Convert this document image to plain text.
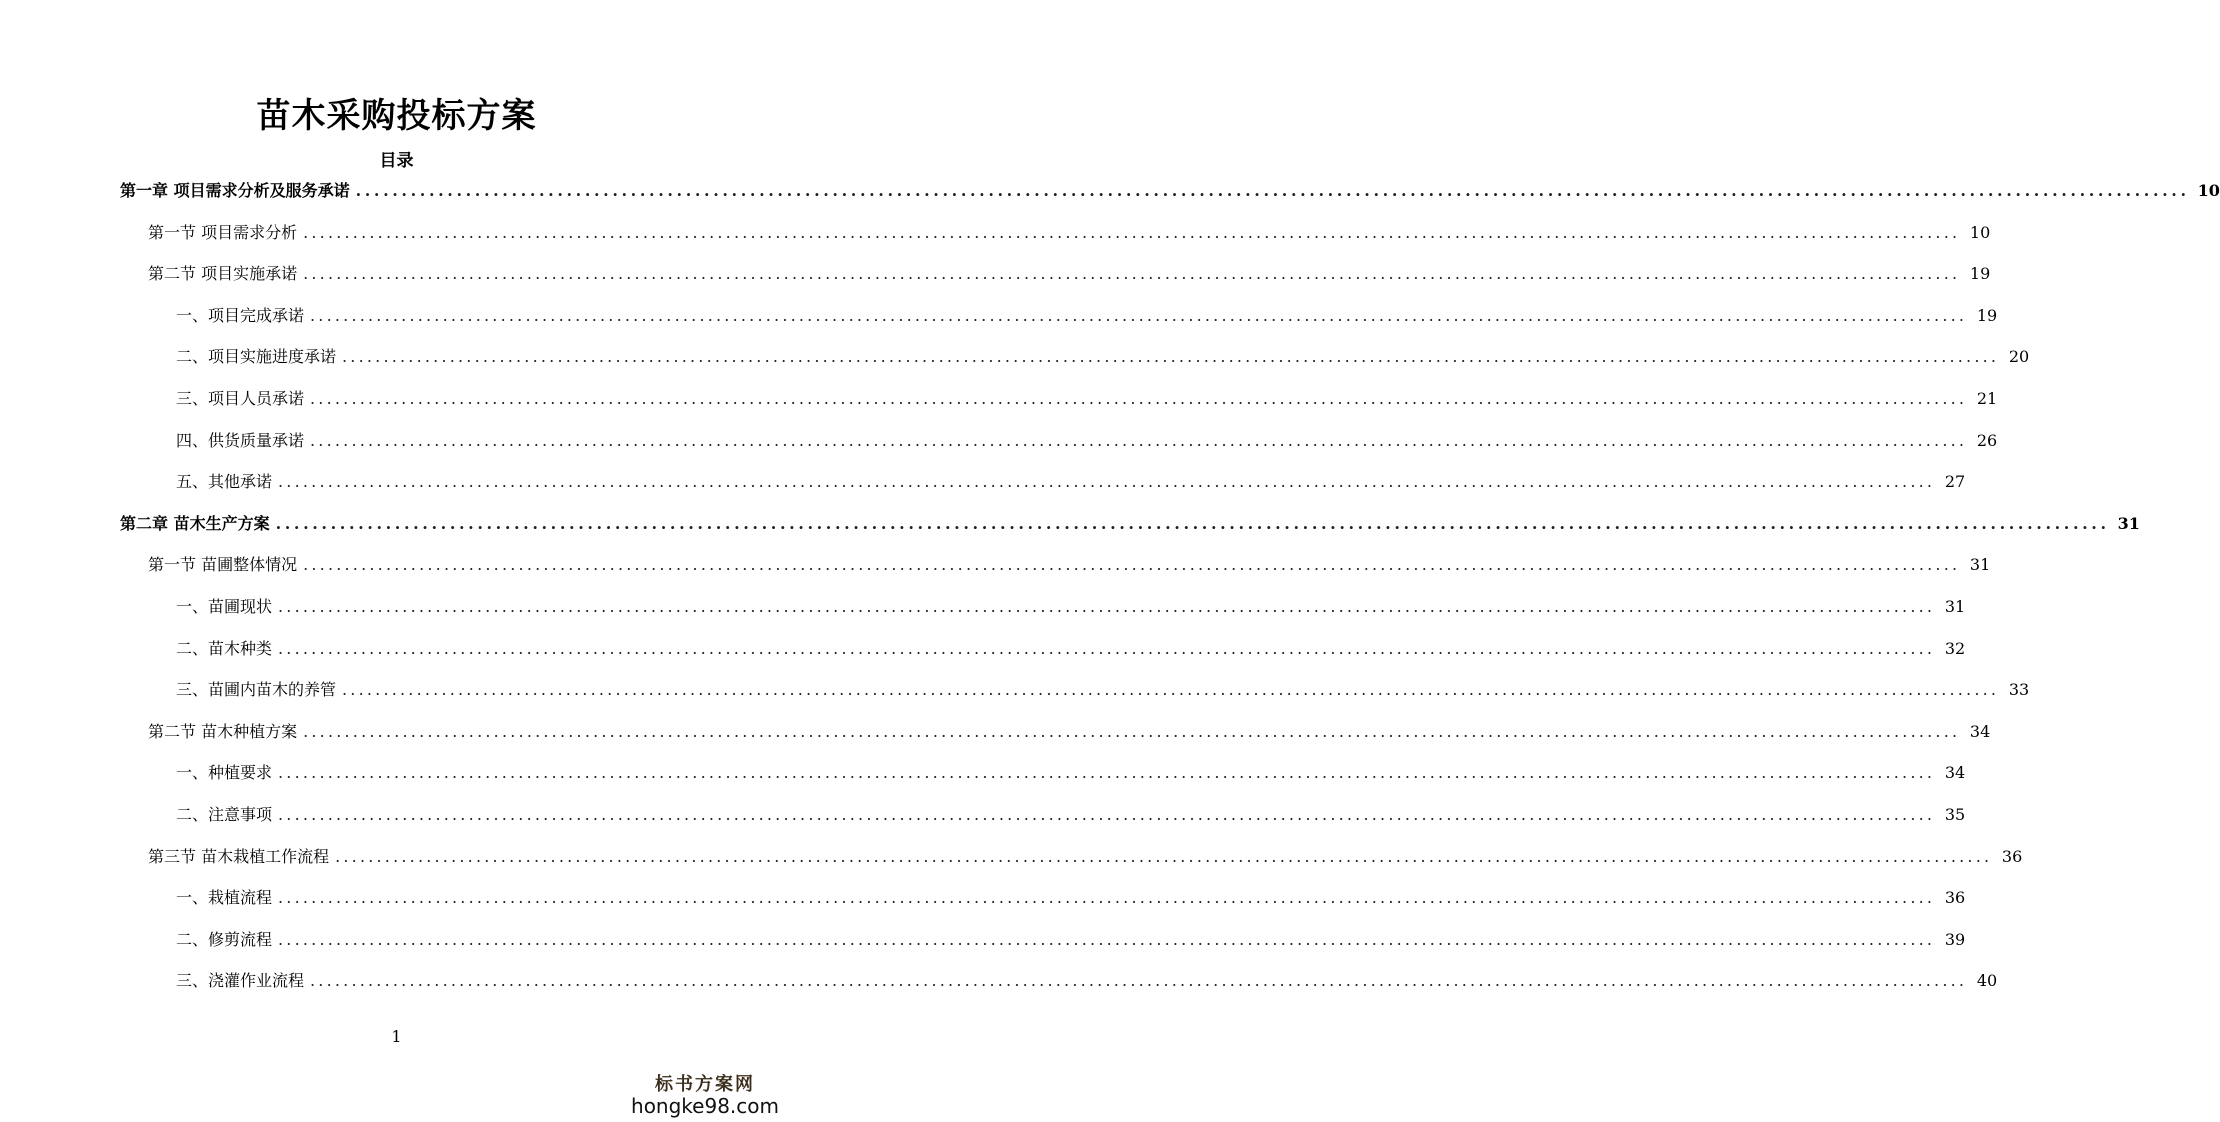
苗木采购投标方案
目录
第一章 项目需求分析及服务承诺 ........................................................................................................................................................................................................ 10
第一节 项目需求分析 ........................................................................................................................................................................................................ 10
第二节 项目实施承诺 ........................................................................................................................................................................................................ 19
一、项目完成承诺 ........................................................................................................................................................................................................ 19
二、项目实施进度承诺 ........................................................................................................................................................................................................ 20
三、项目人员承诺 ........................................................................................................................................................................................................ 21
四、供货质量承诺 ........................................................................................................................................................................................................ 26
五、其他承诺 ........................................................................................................................................................................................................ 27
第二章 苗木生产方案 ........................................................................................................................................................................................................ 31
第一节 苗圃整体情况 ........................................................................................................................................................................................................ 31
一、苗圃现状 ........................................................................................................................................................................................................ 31
二、苗木种类 ........................................................................................................................................................................................................ 32
三、苗圃内苗木的养管 ........................................................................................................................................................................................................ 33
第二节 苗木种植方案 ........................................................................................................................................................................................................ 34
一、种植要求 ........................................................................................................................................................................................................ 34
二、注意事项 ........................................................................................................................................................................................................ 35
第三节 苗木栽植工作流程 ........................................................................................................................................................................................................ 36
一、栽植流程 ........................................................................................................................................................................................................ 36
二、修剪流程 ........................................................................................................................................................................................................ 39
三、浇灌作业流程 ........................................................................................................................................................................................................ 40
1
标书方案网
hongke98.com
